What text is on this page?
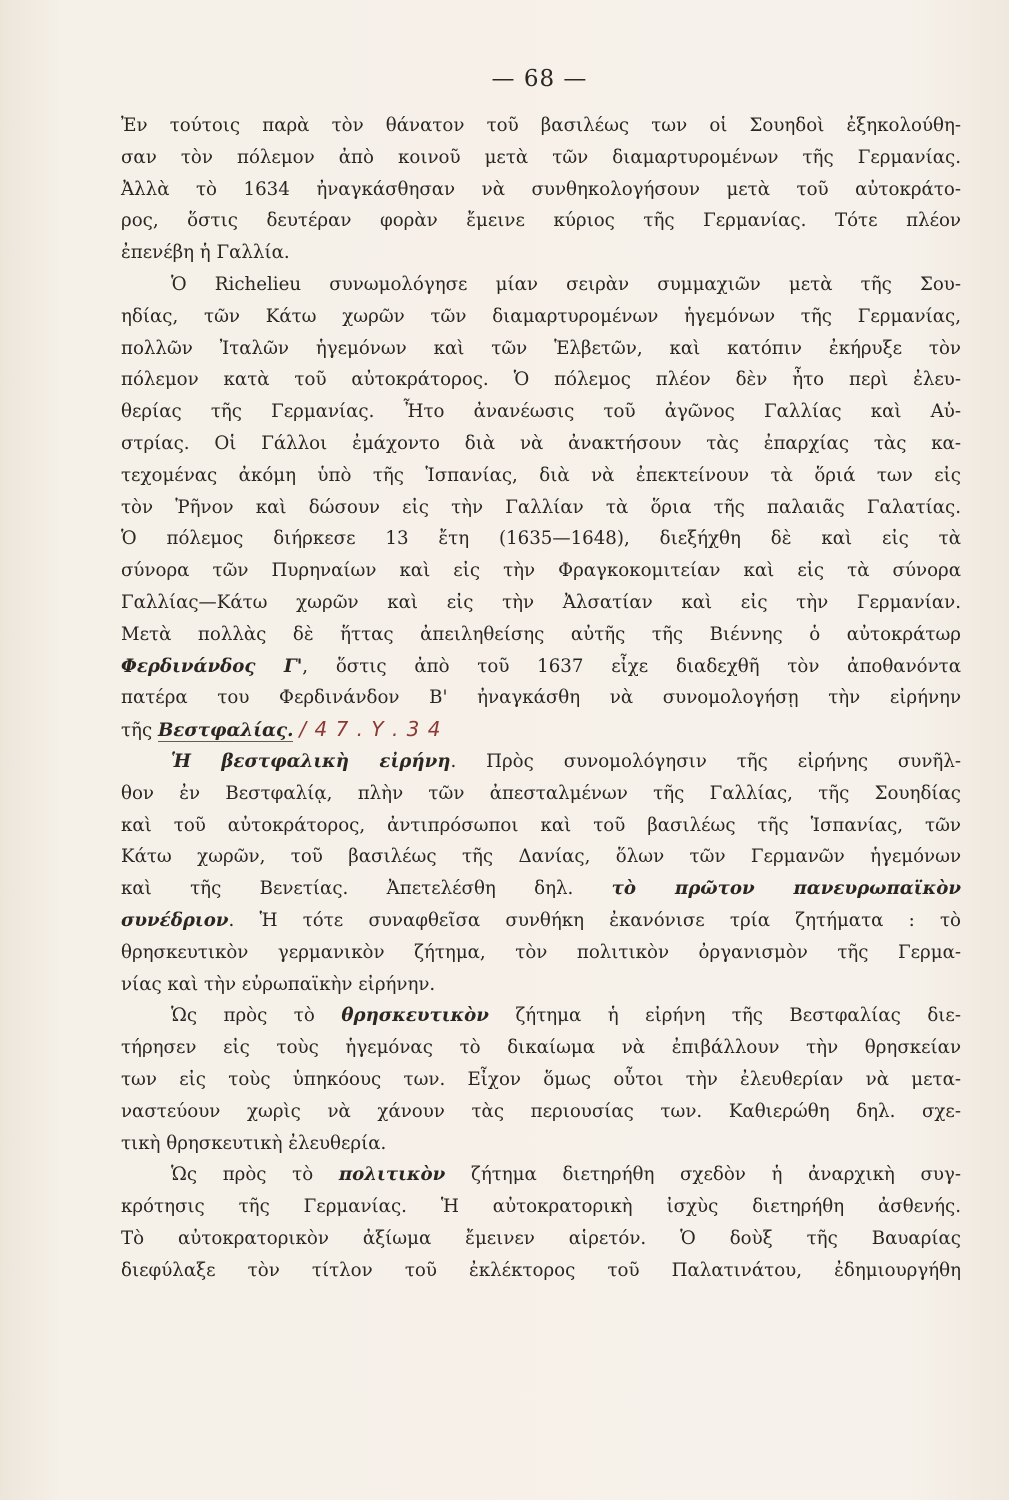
— 68 —
Ἐν τούτοις παρὰ τὸν θάνατον τοῦ βασιλέως των οἱ Σουηδοὶ ἐξηκολούθη-
σαν τὸν πόλεμον ἀπὸ κοινοῦ μετὰ τῶν διαμαρτυρομένων τῆς Γερμανίας.
Ἀλλὰ τὸ 1634 ἠναγκάσθησαν νὰ συνθηκολογήσουν μετὰ τοῦ αὐτοκράτο-
ρος, ὅστις δευτέραν φορὰν ἔμεινε κύριος τῆς Γερμανίας. Τότε πλέον
ἐπενέβη ἡ Γαλλία.
Ὁ Richelieu συνωμολόγησε μίαν σειρὰν συμμαχιῶν μετὰ τῆς Σου-
ηδίας, τῶν Κάτω χωρῶν τῶν διαμαρτυρομένων ἡγεμόνων τῆς Γερμανίας,
πολλῶν Ἰταλῶν ἡγεμόνων καὶ τῶν Ἑλβετῶν, καὶ κατόπιν ἐκήρυξε τὸν
πόλεμον κατὰ τοῦ αὐτοκράτορος. Ὁ πόλεμος πλέον δὲν ἦτο περὶ ἐλευ-
θερίας τῆς Γερμανίας. Ἦτο ἀνανέωσις τοῦ ἀγῶνος Γαλλίας καὶ Αὐ-
στρίας. Οἱ Γάλλοι ἐμάχοντο διὰ νὰ ἀνακτήσουν τὰς ἐπαρχίας τὰς κα-
τεχομένας ἀκόμη ὑπὸ τῆς Ἱσπανίας, διὰ νὰ ἐπεκτείνουν τὰ ὅριά των εἰς
τὸν Ῥῆνον καὶ δώσουν εἰς τὴν Γαλλίαν τὰ ὅρια τῆς παλαιᾶς Γαλατίας.
Ὁ πόλεμος διήρκεσε 13 ἔτη (1635—1648), διεξήχθη δὲ καὶ εἰς τὰ
σύνορα τῶν Πυρηναίων καὶ εἰς τὴν Φραγκοκομιτείαν καὶ εἰς τὰ σύνορα
Γαλλίας—Κάτω χωρῶν καὶ εἰς τὴν Ἀλσατίαν καὶ εἰς τὴν Γερμανίαν.
Μετὰ πολλὰς δὲ ἥττας ἀπειληθείσης αὐτῆς τῆς Βιέννης ὁ αὐτοκράτωρ
Φερδινάνδος Γ', ὅστις ἀπὸ τοῦ 1637 εἶχε διαδεχθῆ τὸν ἀποθανόντα
πατέρα του Φερδινάνδον Β' ἠναγκάσθη νὰ συνομολογήσῃ τὴν εἰρήνην
τῆς Βεστφαλίας. / 4 7 . Υ . 3 4
Ἡ βεστφαλικὴ εἰρήνη. Πρὸς συνομολόγησιν τῆς εἰρήνης συνῆλ-
θον ἐν Βεστφαλίᾳ, πλὴν τῶν ἀπεσταλμένων τῆς Γαλλίας, τῆς Σουηδίας
καὶ τοῦ αὐτοκράτορος, ἀντιπρόσωποι καὶ τοῦ βασιλέως τῆς Ἱσπανίας, τῶν
Κάτω χωρῶν, τοῦ βασιλέως τῆς Δανίας, ὅλων τῶν Γερμανῶν ἡγεμόνων
καὶ τῆς Βενετίας. Ἀπετελέσθη δηλ. τὸ πρῶτον πανευρωπαϊκὸν
συνέδριον. Ἡ τότε συναφθεῖσα συνθήκη ἐκανόνισε τρία ζητήματα : τὸ
θρησκευτικὸν γερμανικὸν ζήτημα, τὸν πολιτικὸν ὀργανισμὸν τῆς Γερμα-
νίας καὶ τὴν εὐρωπαϊκὴν εἰρήνην.
Ὡς πρὸς τὸ θρησκευτικὸν ζήτημα ἡ εἰρήνη τῆς Βεστφαλίας διε-
τήρησεν εἰς τοὺς ἡγεμόνας τὸ δικαίωμα νὰ ἐπιβάλλουν τὴν θρησκείαν
των εἰς τοὺς ὑπηκόους των. Εἶχον ὅμως οὗτοι τὴν ἐλευθερίαν νὰ μετα-
ναστεύουν χωρὶς νὰ χάνουν τὰς περιουσίας των. Καθιερώθη δηλ. σχε-
τικὴ θρησκευτικὴ ἐλευθερία.
Ὡς πρὸς τὸ πολιτικὸν ζήτημα διετηρήθη σχεδὸν ἡ ἀναρχικὴ συγ-
κρότησις τῆς Γερμανίας. Ἡ αὐτοκρατορικὴ ἰσχὺς διετηρήθη ἀσθενής.
Τὸ αὐτοκρατορικὸν ἀξίωμα ἔμεινεν αἱρετόν. Ὁ δοὺξ τῆς Βαυαρίας
διεφύλαξε τὸν τίτλον τοῦ ἐκλέκτορος τοῦ Παλατινάτου, ἐδημιουργήθη
